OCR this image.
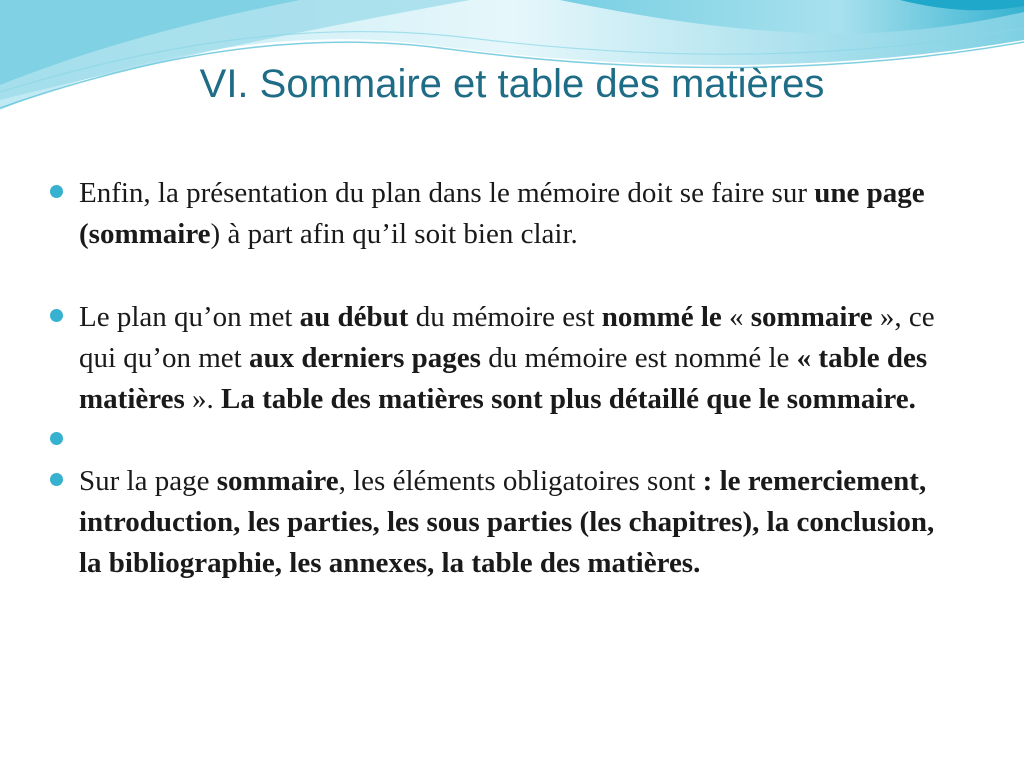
VI. Sommaire et table des matières
Enfin, la présentation du plan dans le mémoire doit se faire sur une page (sommaire) à part afin qu’il soit bien clair.
Le plan qu’on met au début du mémoire est nommé le « sommaire », ce qui qu’on met aux derniers pages du mémoire est nommé le « table des matières ». La table des matières sont plus détaillé que le sommaire.
Sur la page sommaire, les éléments obligatoires sont : le remerciement, introduction, les parties, les sous parties (les chapitres), la conclusion, la bibliographie, les annexes, la table des matières.
